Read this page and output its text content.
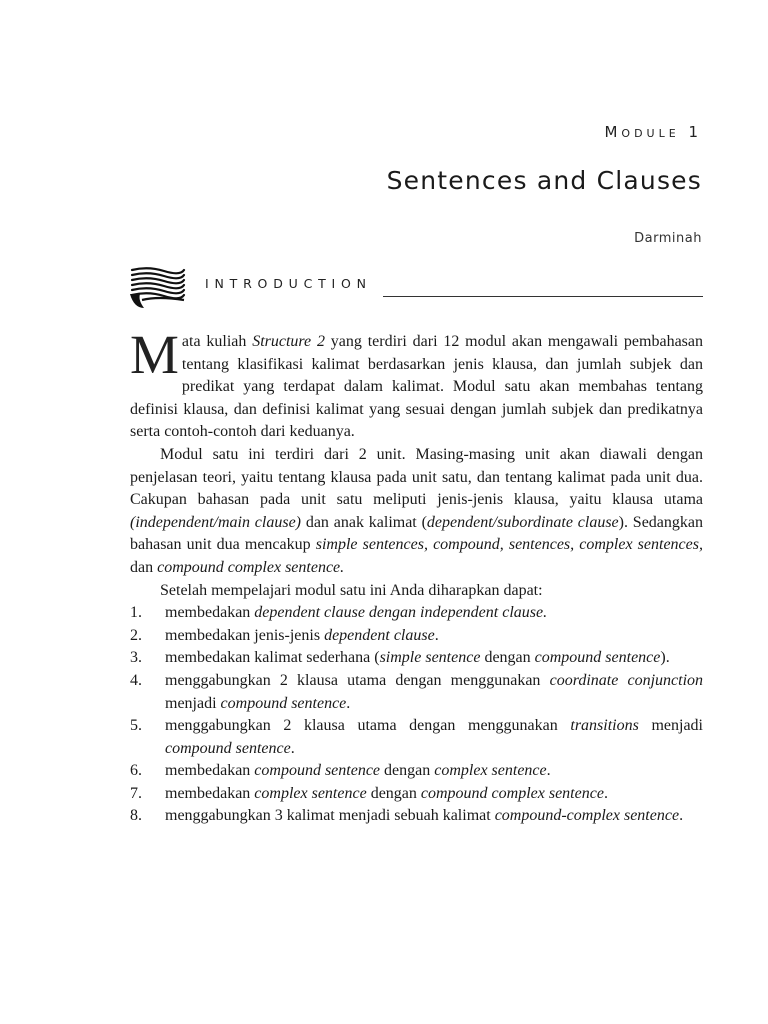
Module 1
Sentences and Clauses
Darminah
INTRODUCTION

Mata kuliah Structure 2 yang terdiri dari 12 modul akan mengawali pembahasan tentang klasifikasi kalimat berdasarkan jenis klausa, dan jumlah subjek dan predikat yang terdapat dalam kalimat. Modul satu akan membahas tentang definisi klausa, dan definisi kalimat yang sesuai dengan jumlah subjek dan predikatnya serta contoh-contoh dari keduanya.

Modul satu ini terdiri dari 2 unit. Masing-masing unit akan diawali dengan penjelasan teori, yaitu tentang klausa pada unit satu, dan tentang kalimat pada unit dua. Cakupan bahasan pada unit satu meliputi jenis-jenis klausa, yaitu klausa utama (independent/main clause) dan anak kalimat (dependent/subordinate clause). Sedangkan bahasan unit dua mencakup simple sentences, compound, sentences, complex sentences, dan compound complex sentence.

Setelah mempelajari modul satu ini Anda diharapkan dapat:

1. membedakan dependent clause dengan independent clause.
2. membedakan jenis-jenis dependent clause.
3. membedakan kalimat sederhana (simple sentence dengan compound sentence).
4. menggabungkan 2 klausa utama dengan menggunakan coordinate conjunction menjadi compound sentence.
5. menggabungkan 2 klausa utama dengan menggunakan transitions menjadi compound sentence.
6. membedakan compound sentence dengan complex sentence.
7. membedakan complex sentence dengan compound complex sentence.
8. menggabungkan 3 kalimat menjadi sebuah kalimat compound-complex sentence.
